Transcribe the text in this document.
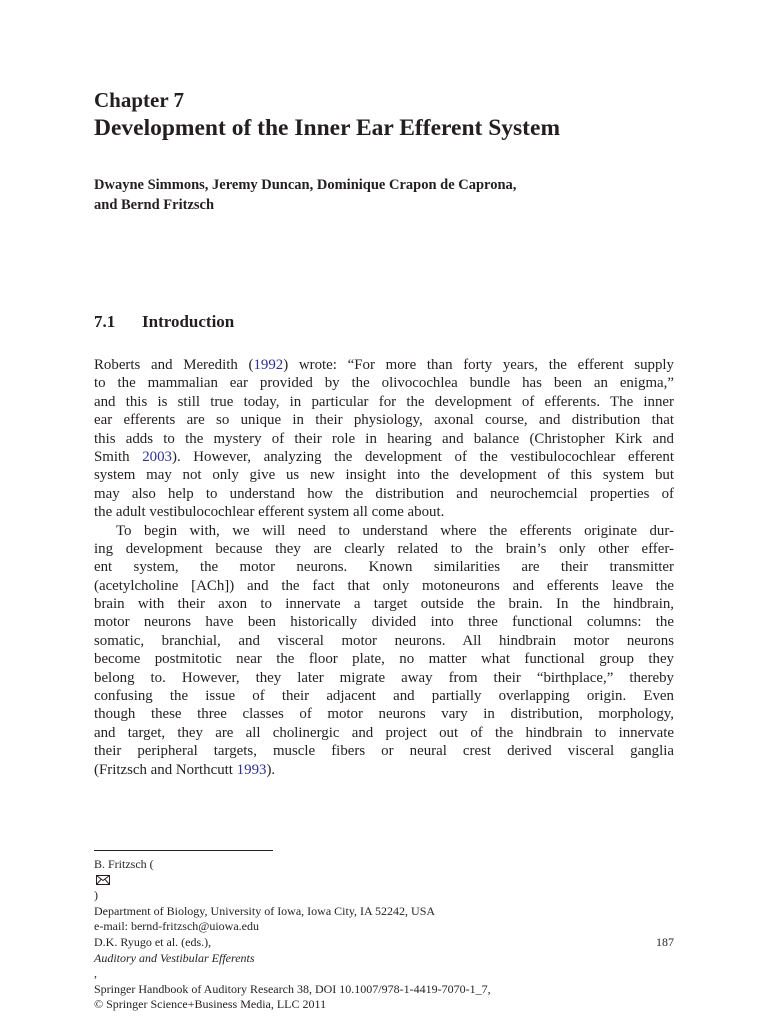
Chapter 7
Development of the Inner Ear Efferent System
Dwayne Simmons, Jeremy Duncan, Dominique Crapon de Caprona,
and Bernd Fritzsch
7.1 Introduction
Roberts and Meredith (1992) wrote: “For more than forty years, the efferent supply
to the mammalian ear provided by the olivocochlea bundle has been an enigma,”
and this is still true today, in particular for the development of efferents. The inner
ear efferents are so unique in their physiology, axonal course, and distribution that
this adds to the mystery of their role in hearing and balance (Christopher Kirk and
Smith 2003). However, analyzing the development of the vestibulocochlear efferent
system may not only give us new insight into the development of this system but
may also help to understand how the distribution and neurochemcial properties of
the adult vestibulocochlear efferent system all come about.
To begin with, we will need to understand where the efferents originate dur-
ing development because they are clearly related to the brain’s only other effer-
ent system, the motor neurons. Known similarities are their transmitter
(acetylcholine [ACh]) and the fact that only motoneurons and efferents leave the
brain with their axon to innervate a target outside the brain. In the hindbrain,
motor neurons have been historically divided into three functional columns: the
somatic, branchial, and visceral motor neurons. All hindbrain motor neurons
become postmitotic near the floor plate, no matter what functional group they
belong to. However, they later migrate away from their “birthplace,” thereby
confusing the issue of their adjacent and partially overlapping origin. Even
though these three classes of motor neurons vary in distribution, morphology,
and target, they are all cholinergic and project out of the hindbrain to innervate
their peripheral targets, muscle fibers or neural crest derived visceral ganglia
(Fritzsch and Northcutt 1993).
B. Fritzsch (
)
Department of Biology, University of Iowa, Iowa City, IA 52242, USA
e-mail: bernd-fritzsch@uiowa.edu
D.K. Ryugo et al. (eds.),
Auditory and Vestibular Efferents
,
Springer Handbook of Auditory Research 38, DOI 10.1007/978-1-4419-7070-1_7,
© Springer Science+Business Media, LLC 2011
187
